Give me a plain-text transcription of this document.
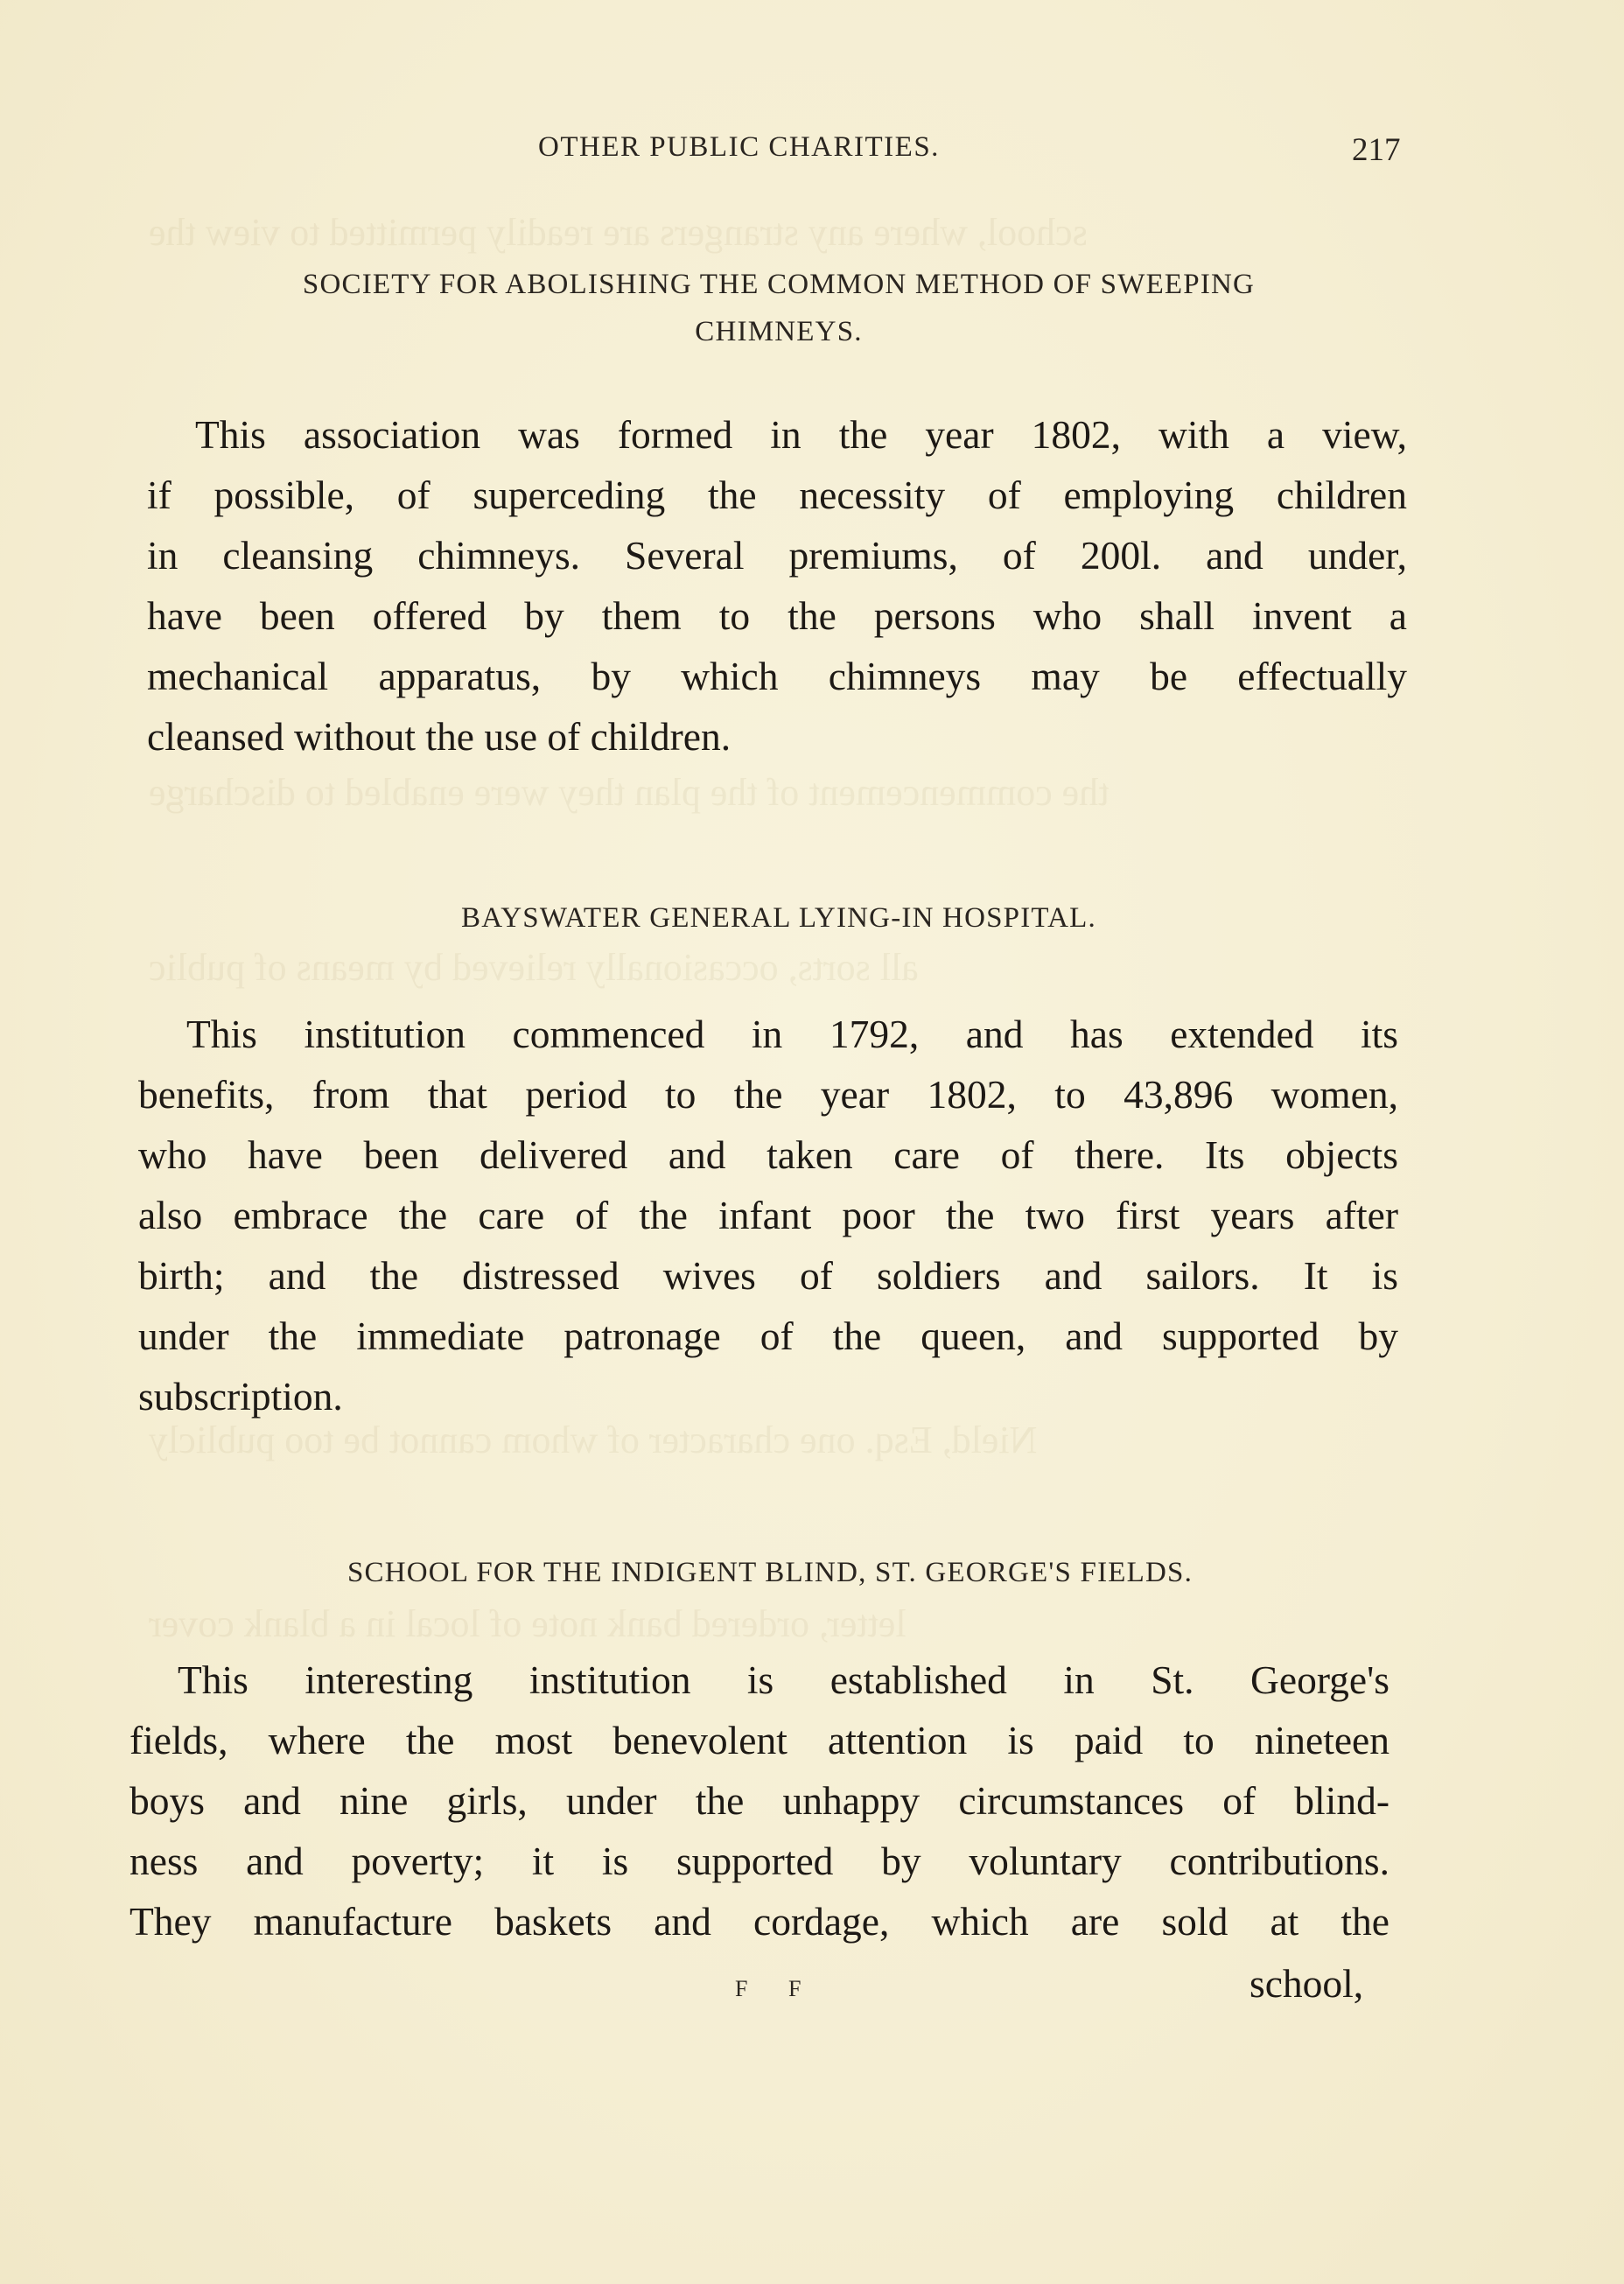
school, where any strangers are readily permitted to view the
the commencement of the plan they were enabled to discharge
all sorts, occasionally relieved by means of public
Nield, Esq. one character of whom cannot be too publicly
letter, ordered bank note of local in a blank cover
OTHER PUBLIC CHARITIES.	217
SOCIETY FOR ABOLISHING THE COMMON METHOD OF SWEEPING
CHIMNEYS.

This association was formed in the year 1802, with a view,

if possible, of superceding the necessity of employing children

in cleansing chimneys. Several premiums, of 200l. and under,

have been offered by them to the persons who shall invent a

mechanical apparatus, by which chimneys may be effectually

cleansed without the use of children.

BAYSWATER GENERAL LYING-IN HOSPITAL.

This institution commenced in 1792, and has extended its

benefits, from that period to the year 1802, to 43,896 women,

who have been delivered and taken care of there. Its objects

also embrace the care of the infant poor the two first years after

birth; and the distressed wives of soldiers and sailors. It is

under the immediate patronage of the queen, and supported by

subscription.

SCHOOL FOR THE INDIGENT BLIND, ST. GEORGE'S FIELDS.

This interesting institution is established in St. George's

fields, where the most benevolent attention is paid to nineteen

boys and nine girls, under the unhappy circumstances of blind-

ness and poverty; it is supported by voluntary contributions.

They manufacture baskets and cordage, which are sold at the

F F	school,
